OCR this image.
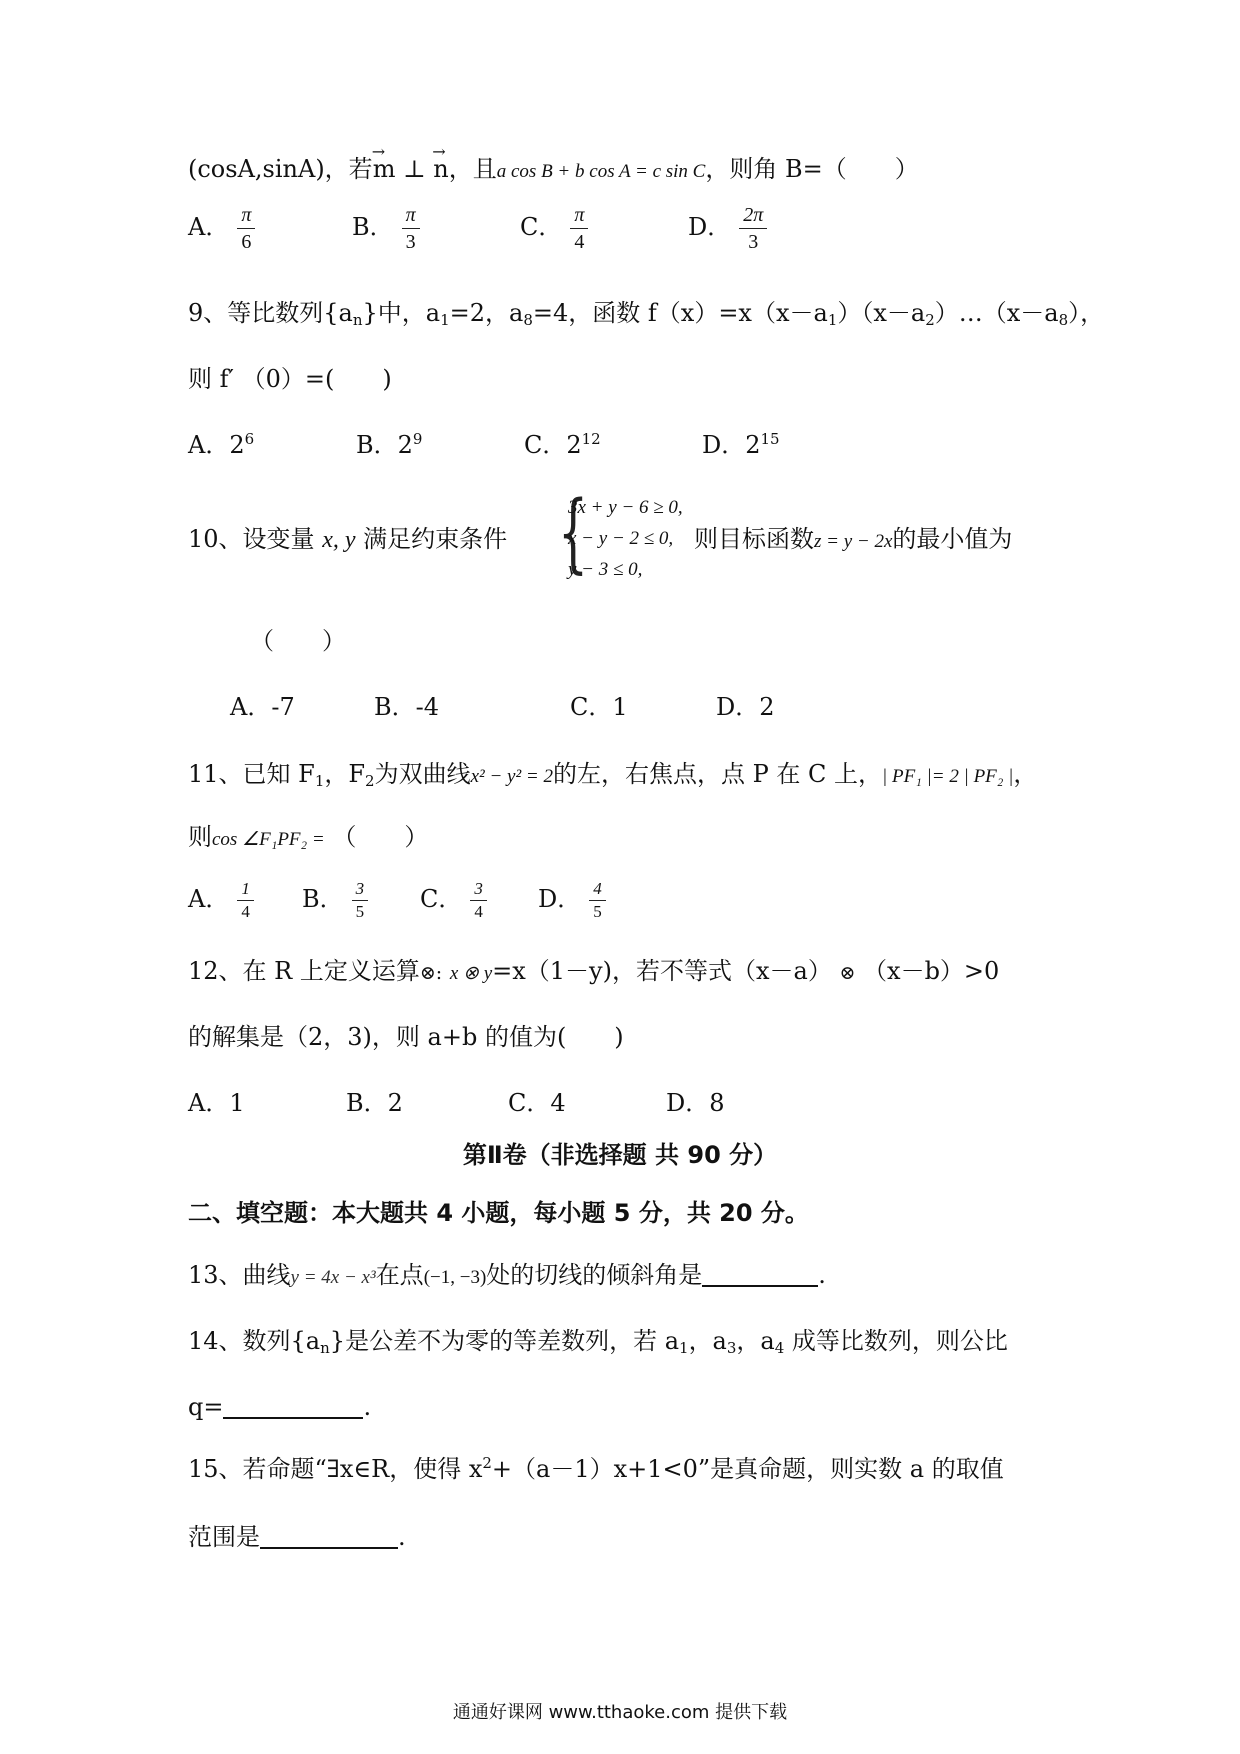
(cosA,sinA)，若→ m ⊥ → n，且a cos B + b cos A = c sin C，则角 B=（　　）
A． $\frac{\pi}{6}$	B． $\frac{\pi}{3}$	C． $\frac{\pi}{4}$	D． $\frac{2\pi}{3}$
9、等比数列$\{a_n\}$中，$a_1=2$，$a_8=4$，函数 $f(x)=x(x-a_1)(x-a_2)\dots(x-a_8)$，
则 f′ （0）=(　　)
A．$2^6$	B．$2^9$	C．$2^{12}$	D．$2^{15}$
10、设变量 x, y 满足约束条件 {
3x + y − 6 ≥ 0,
x − y − 2 ≤ 0,
y − 3 ≤ 0,
则目标函数z = y − 2x的最小值为
（　　）
A．-7	B．-4	C．1	D．2
11、已知 $F_1$，$F_2$为双曲线x² − y² = 2的左，右焦点，点 P 在 C 上，| PF₁ |= 2 | PF₂ |，
则cos ∠F₁PF₂ = （　　）
A． $\frac{1}{4}$ B． $\frac{3}{5}$ C． $\frac{3}{4}$ D． $\frac{4}{5}$
12、在 R 上定义运算⊗: x ⊗ y=x（1－y)，若不等式（x－a） ⊗ （x－b）>0
的解集是（2，3)，则 a+b 的值为(　　)
A．1	B．2	C．4	D．8
第Ⅱ卷（非选择题 共 90 分）
二、填空题：本大题共 4 小题，每小题 5 分，共 20 分。
13、曲线y = 4x − x³在点(−1, −3)处的切线的倾斜角是	.
14、数列$\{a_n\}$是公差不为零的等差数列，若 $a_1$，$a_3$，$a_4$ 成等比数列，则公比
q=	.
15、若命题“∃x∈R，使得 $x^2+(a-1)x+1<0$”是真命题，则实数 a 的取值
范围是	.
通通好课网 www.tthaoke.com 提供下载
